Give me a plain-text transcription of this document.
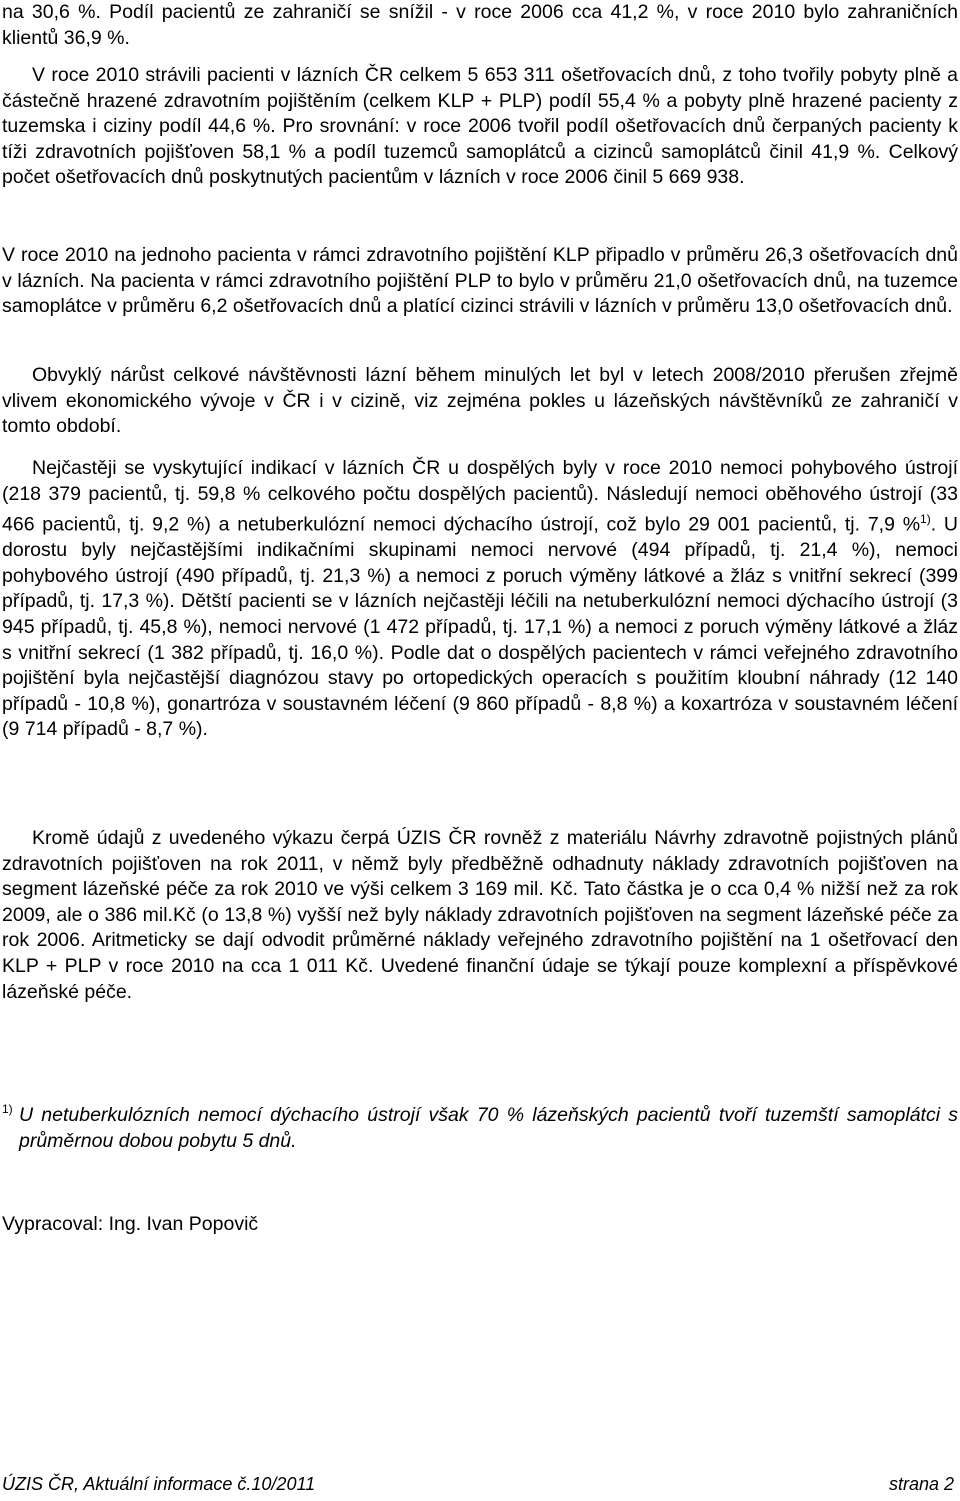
na 30,6 %. Podíl pacientů ze zahraničí se snížil - v roce 2006 cca 41,2 %, v roce 2010 bylo zahraničních klientů 36,9 %.

V roce 2010 strávili pacienti v lázních ČR celkem 5 653 311 ošetřovacích dnů, z toho tvořily pobyty plně a částečně hrazené zdravotním pojištěním (celkem KLP + PLP) podíl 55,4 % a pobyty plně hrazené pacienty z tuzemska i ciziny podíl 44,6 %. Pro srovnání: v roce 2006 tvořil podíl ošetřovacích dnů čerpaných pacienty k tíži zdravotních pojišťoven 58,1 % a podíl tuzemců samoplátců a cizinců samoplátců činil 41,9 %. Celkový počet ošetřovacích dnů poskytnutých pacientům v lázních v roce 2006 činil 5 669 938.

V roce 2010 na jednoho pacienta v rámci zdravotního pojištění KLP připadlo v průměru 26,3 ošetřovacích dnů v lázních. Na pacienta v rámci zdravotního pojištění PLP to bylo v průměru 21,0 ošetřovacích dnů, na tuzemce samoplátce v průměru 6,2 ošetřovacích dnů a platící cizinci strávili v lázních v průměru 13,0 ošetřovacích dnů.

Obvyklý nárůst celkové návštěvnosti lázní během minulých let byl v letech 2008/2010 přerušen zřejmě vlivem ekonomického vývoje v ČR i v cizině, viz zejména pokles u lázeňských návštěvníků ze zahraničí v tomto období.

Nejčastěji se vyskytující indikací v lázních ČR u dospělých byly v roce 2010 nemoci pohybového ústrojí (218 379 pacientů, tj. 59,8 % celkového počtu dospělých pacientů). Následují nemoci oběhového ústrojí (33 466 pacientů, tj. 9,2 %) a netuberkulózní nemoci dýchacího ústrojí, což bylo 29 001 pacientů, tj. 7,9 %$^{1)}$. U dorostu byly nejčastějšími indikačními skupinami nemoci nervové (494 případů, tj. 21,4 %), nemoci pohybového ústrojí (490 případů, tj. 21,3 %) a nemoci z poruch výměny látkové a žláz s vnitřní sekrecí (399 případů, tj. 17,3 %). Dětští pacienti se v lázních nejčastěji léčili na netuberkulózní nemoci dýchacího ústrojí (3 945 případů, tj. 45,8 %), nemoci nervové (1 472 případů, tj. 17,1 %) a nemoci z poruch výměny látkové a žláz s vnitřní sekrecí (1 382 případů, tj. 16,0 %). Podle dat o dospělých pacientech v rámci veřejného zdravotního pojištění byla nejčastější diagnózou stavy po ortopedických operacích s použitím kloubní náhrady (12 140 případů - 10,8 %), gonartróza v soustavném léčení (9 860 případů - 8,8 %) a koxartróza v soustavném léčení (9 714 případů - 8,7 %).

Kromě údajů z uvedeného výkazu čerpá ÚZIS ČR rovněž z materiálu Návrhy zdravotně pojistných plánů zdravotních pojišťoven na rok 2011, v němž byly předběžně odhadnuty náklady zdravotních pojišťoven na segment lázeňské péče za rok 2010 ve výši celkem 3 169 mil. Kč. Tato částka je o cca 0,4 % nižší než za rok 2009, ale o 386 mil.Kč (o 13,8 %) vyšší než byly náklady zdravotních pojišťoven na segment lázeňské péče za rok 2006. Aritmeticky se dají odvodit průměrné náklady veřejného zdravotního pojištění na 1 ošetřovací den KLP + PLP v roce 2010 na cca 1 011 Kč. Uvedené finanční údaje se týkají pouze komplexní a příspěvkové lázeňské péče.

1) U netuberkulózních nemocí dýchacího ústrojí však 70 % lázeňských pacientů tvoří tuzemští samoplátci s průměrnou dobou pobytu 5 dnů.
Vypracoval: Ing. Ivan Popovič
ÚZIS ČR, Aktuální informace č.10/2011	strana 2
